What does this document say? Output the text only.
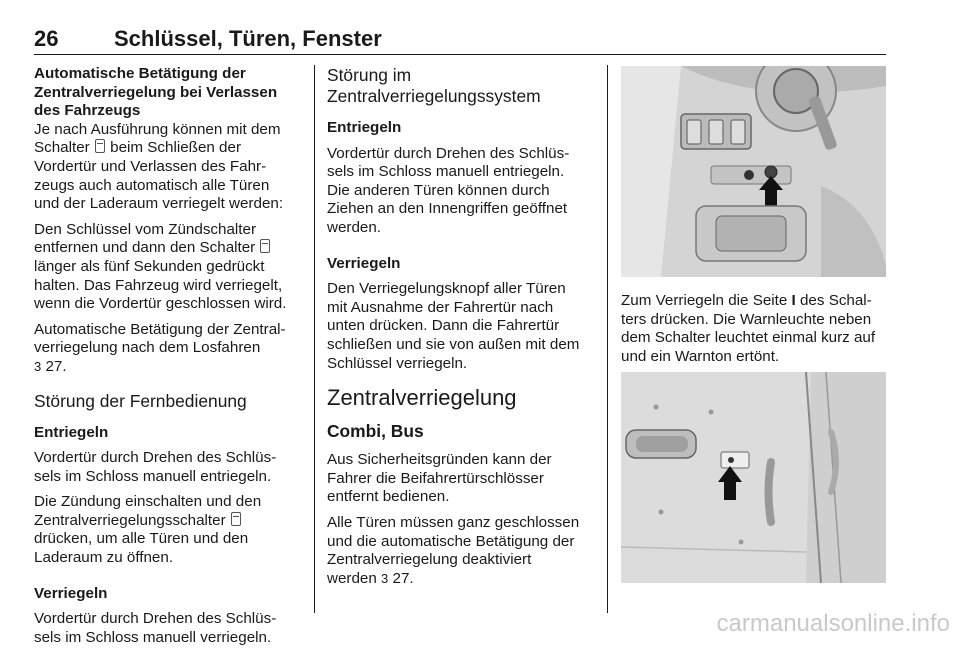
26	Schlüssel, Türen, Fenster

Automatische Betätigung der
Zentralverriegelung bei Verlassen
des Fahrzeugs

Je nach Ausführung können mit dem
Schalter  beim Schließen der
Vordertür und Verlassen des Fahr-
zeugs auch automatisch alle Türen
und der Laderaum verriegelt werden:

Den Schlüssel vom Zündschalter
entfernen und dann den Schalter
länger als fünf Sekunden gedrückt
halten. Das Fahrzeug wird verriegelt,
wenn die Vordertür geschlossen wird.

Automatische Betätigung der Zentral-
verriegelung nach dem Losfahren
3 27.

Störung der Fernbedienung

Entriegeln

Vordertür durch Drehen des Schlüs-
sels im Schloss manuell entriegeln.

Die Zündung einschalten und den
Zentralverriegelungsschalter
drücken, um alle Türen und den
Laderaum zu öffnen.

Verriegeln

Vordertür durch Drehen des Schlüs-
sels im Schloss manuell verriegeln.

Störung im
Zentralverriegelungssystem

Entriegeln

Vordertür durch Drehen des Schlüs-
sels im Schloss manuell entriegeln.
Die anderen Türen können durch
Ziehen an den Innengriffen geöffnet
werden.

Verriegeln

Den Verriegelungsknopf aller Türen
mit Ausnahme der Fahrertür nach
unten drücken. Dann die Fahrertür
schließen und sie von außen mit dem
Schlüssel verriegeln.

Zentralverriegelung
Combi, Bus

Aus Sicherheitsgründen kann der
Fahrer die Beifahrertürschlösser
entfernt bedienen.

Alle Türen müssen ganz geschlossen
und die automatische Betätigung der
Zentralverriegelung deaktiviert
werden 3 27.

Zum Verriegeln die Seite I des Schal-
ters drücken. Die Warnleuchte neben
dem Schalter leuchtet einmal kurz auf
und ein Warnton ertönt.
carmanualsonline.info
